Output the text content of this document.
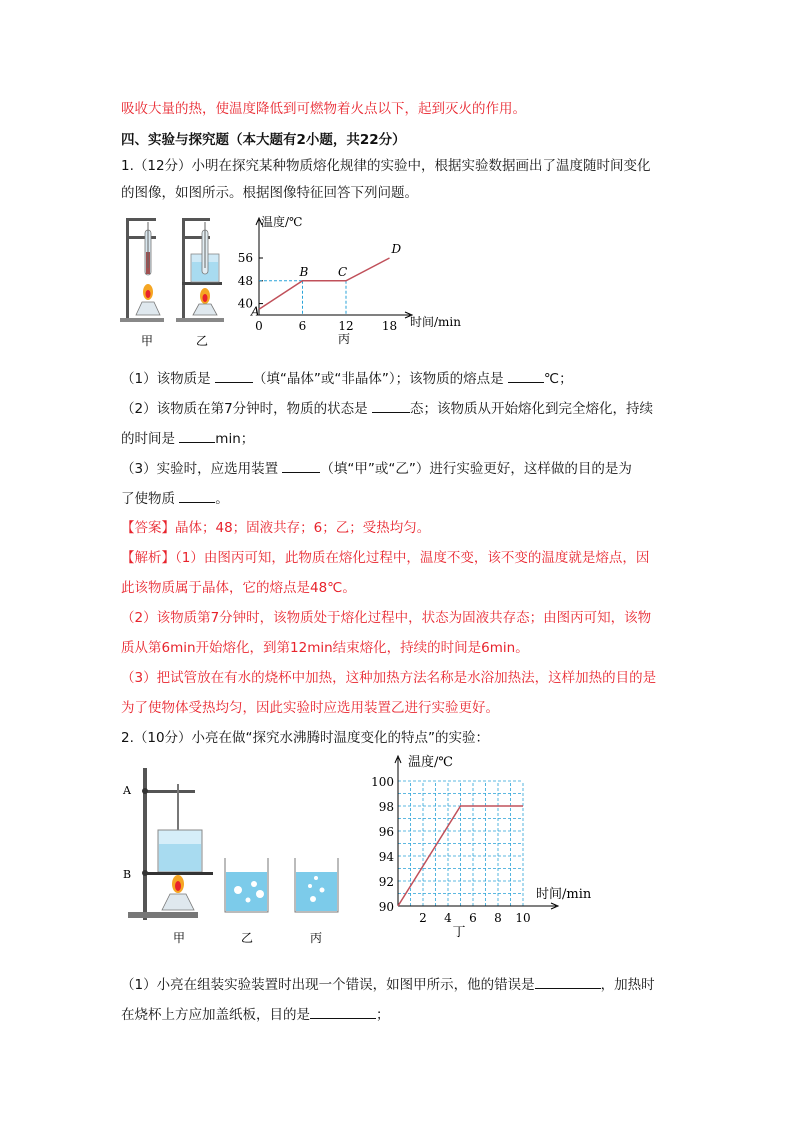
吸收大量的热，使温度降低到可燃物着火点以下，起到灭火的作用。
四、实验与探究题（本大题有2小题，共22分）
1.（12分）小明在探究某种物质熔化规律的实验中，根据实验数据画出了温度随时间变化
的图像，如图所示。根据图像特征回答下列问题。
甲	乙
温度/℃
时间/min
40
48
56
0	6	12 18
A
B C
D
丙
（1）该物质是	（填“晶体”或“非晶体”）；该物质的熔点是	℃；
（2）该物质在第7分钟时，物质的状态是	态；该物质从开始熔化到完全熔化，持续
的时间是	min；
（3）实验时，应选用装置	（填“甲”或“乙”）进行实验更好，这样做的目的是为
了使物质	。
【答案】晶体；48；固液共存；6；乙；受热均匀。
【解析】（1）由图丙可知，此物质在熔化过程中，温度不变，该不变的温度就是熔点，因
此该物质属于晶体，它的熔点是48℃。
（2）该物质第7分钟时，该物质处于熔化过程中，状态为固液共存态；由图丙可知，该物
质从第6min开始熔化，到第12min结束熔化，持续的时间是6min。
（3）把试管放在有水的烧杯中加热，这种加热方法名称是水浴加热法，这样加热的目的是
为了使物体受热均匀，因此实验时应选用装置乙进行实验更好。
2.（10分）小亮在做“探究水沸腾时温度变化的特点”的实验：
A
B
甲	乙	丙
温度/℃
时间/min
90
92
94
96
98
100
2 4 6 8 10
丁
（1）小亮在组装实验装置时出现一个错误，如图甲所示，他的错误是	，加热时
在烧杯上方应加盖纸板，目的是	；
